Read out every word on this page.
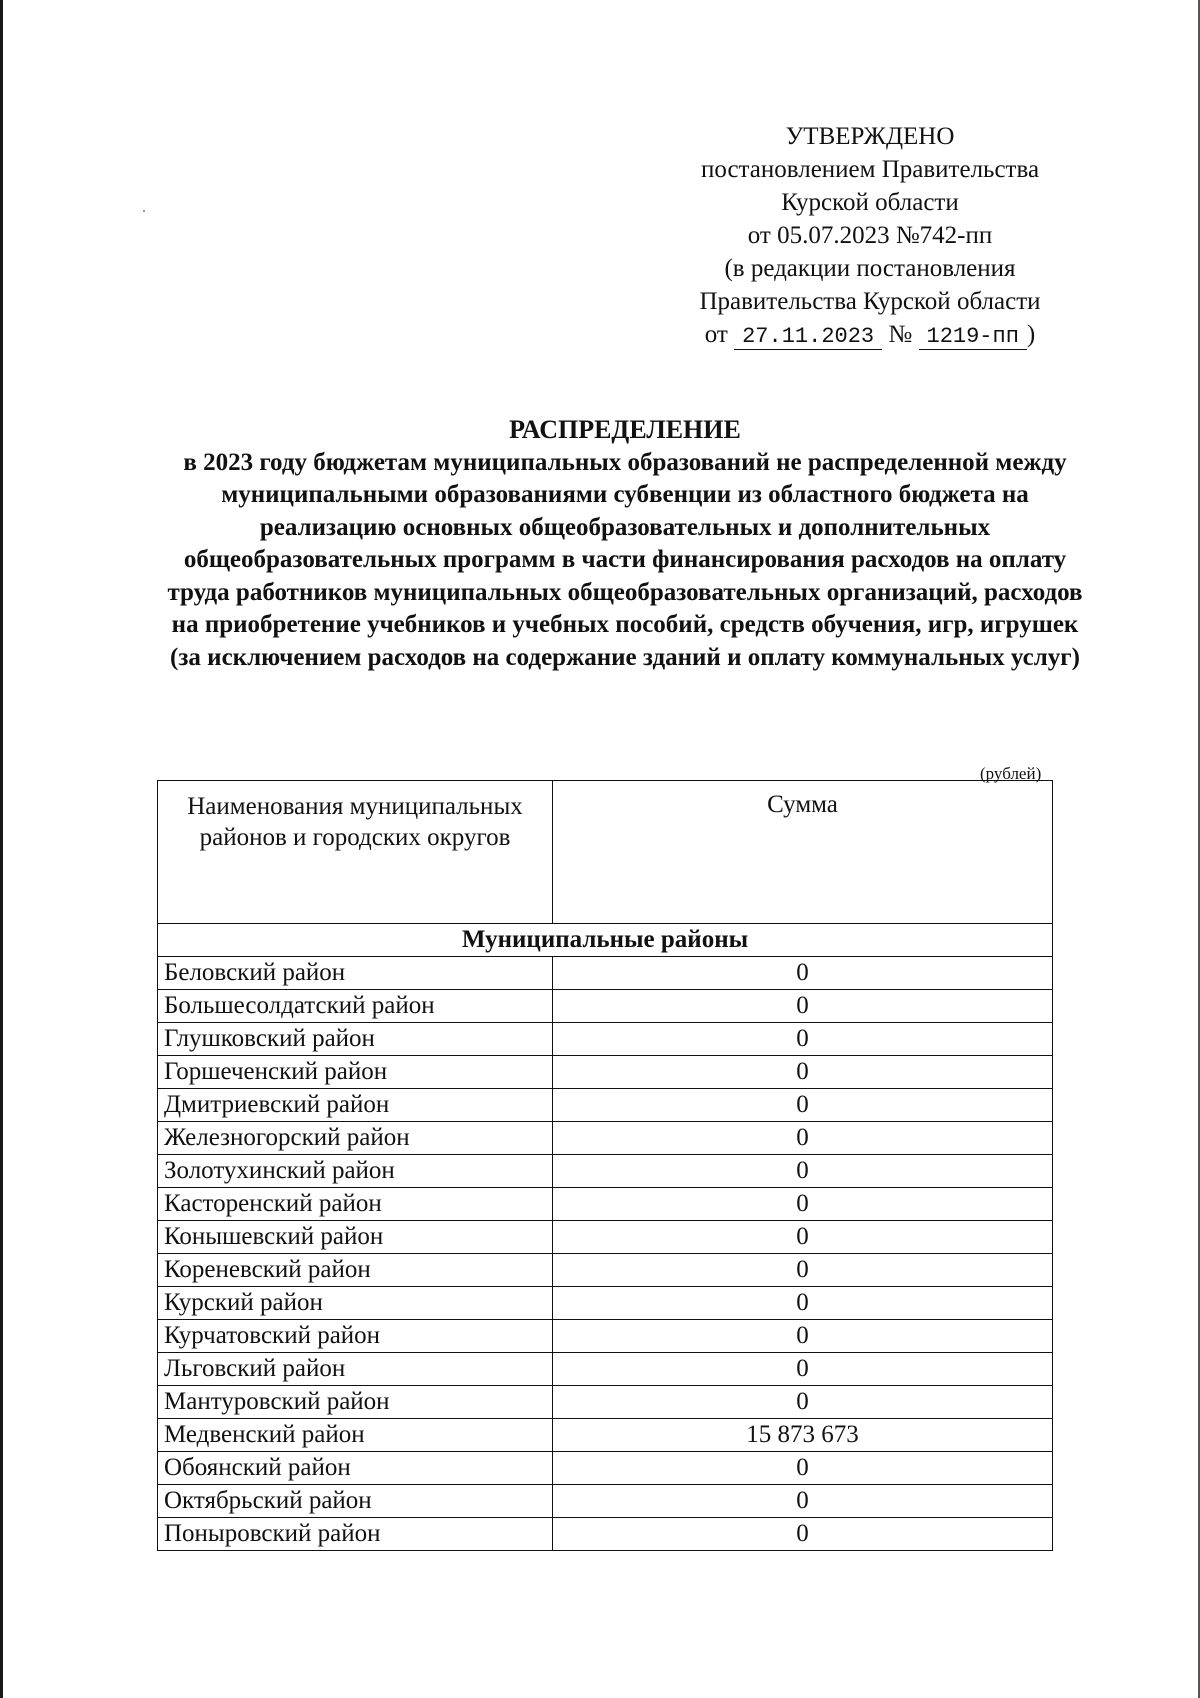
УТВЕРЖДЕНО
постановлением Правительства
Курской области
от 05.07.2023 №742-пп
(в редакции постановления
Правительства Курской области
от 27.11.2023 № 1219-пп )
РАСПРЕДЕЛЕНИЕ
в 2023 году бюджетам муниципальных образований не распределенной между муниципальными образованиями субвенции из областного бюджета на реализацию основных общеобразовательных и дополнительных общеобразовательных программ в части финансирования расходов на оплату труда работников муниципальных общеобразовательных организаций, расходов на приобретение учебников и учебных пособий, средств обучения, игр, игрушек (за исключением расходов на содержание зданий и оплату коммунальных услуг)
(рублей)
Наименования муниципальных районов и городских округов	Сумма
Муниципальные районы	
Беловский район	0
Большесолдатский район	0
Глушковский район	0
Горшеченский район	0
Дмитриевский район	0
Железногорский район	0
Золотухинский район	0
Касторенский район	0
Конышевский район	0
Кореневский район	0
Курский район	0
Курчатовский район	0
Льговский район	0
Мантуровский район	0
Медвенский район	15 873 673
Обоянский район	0
Октябрьский район	0
Поныровский район	0
